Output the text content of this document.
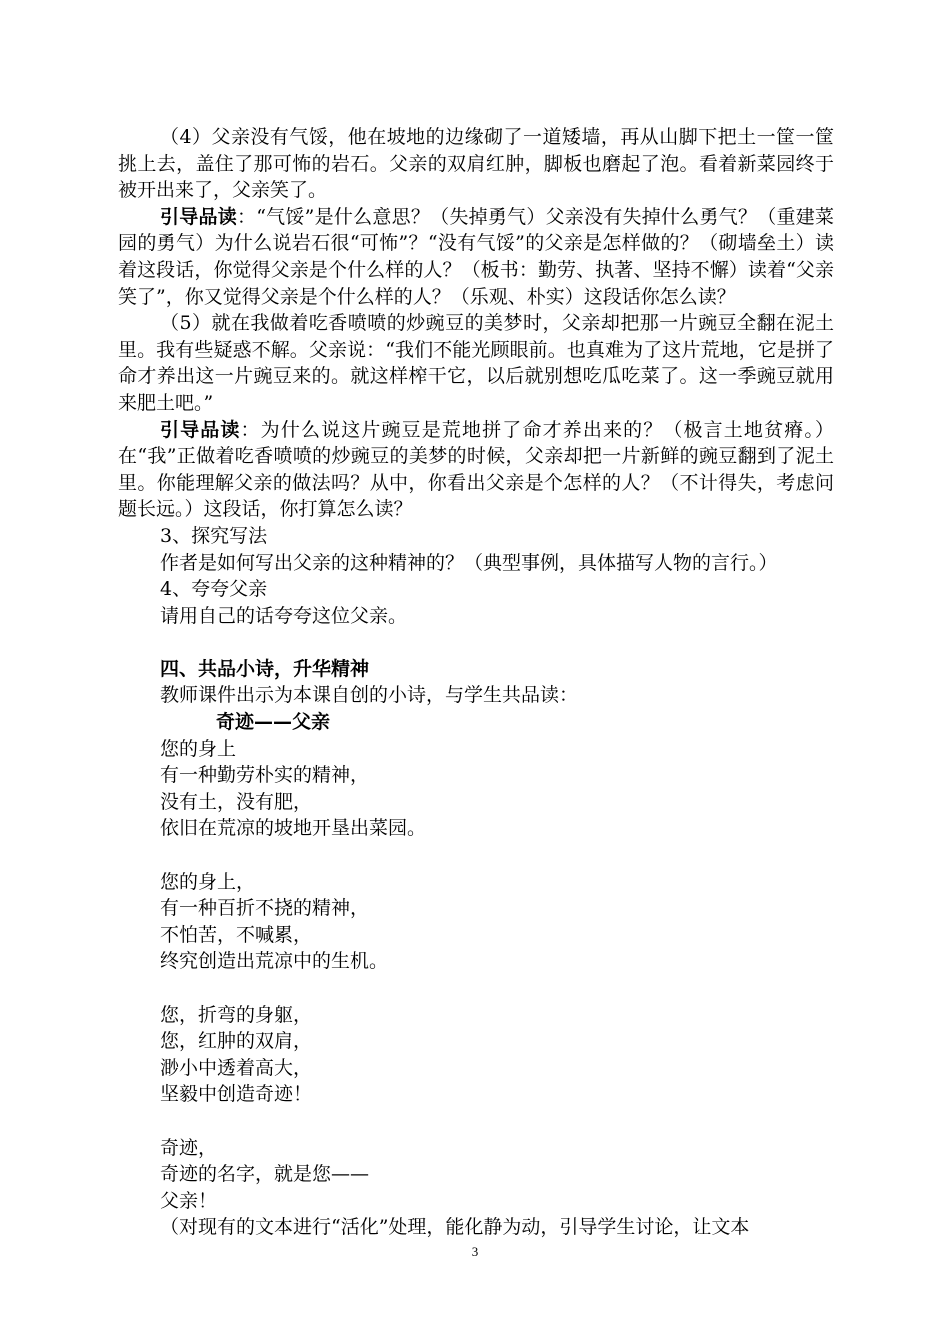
（4）父亲没有气馁，他在坡地的边缘砌了一道矮墙，再从山脚下把土一筐一筐挑上去，盖住了那可怖的岩石。父亲的双肩红肿，脚板也磨起了泡。看着新菜园终于被开出来了，父亲笑了。

引导品读：“气馁”是什么意思？（失掉勇气）父亲没有失掉什么勇气？（重建菜园的勇气）为什么说岩石很“可怖”？“没有气馁”的父亲是怎样做的？（砌墙垒土）读着这段话，你觉得父亲是个什么样的人？（板书：勤劳、执著、坚持不懈）读着“父亲笑了”，你又觉得父亲是个什么样的人？（乐观、朴实）这段话你怎么读？

（5）就在我做着吃香喷喷的炒豌豆的美梦时，父亲却把那一片豌豆全翻在泥土里。我有些疑惑不解。父亲说：“我们不能光顾眼前。也真难为了这片荒地，它是拼了命才养出这一片豌豆来的。就这样榨干它，以后就别想吃瓜吃菜了。这一季豌豆就用来肥土吧。”

引导品读：为什么说这片豌豆是荒地拼了命才养出来的？（极言土地贫瘠。）在“我”正做着吃香喷喷的炒豌豆的美梦的时候，父亲却把一片新鲜的豌豆翻到了泥土里。你能理解父亲的做法吗？从中，你看出父亲是个怎样的人？（不计得失，考虑问题长远。）这段话，你打算怎么读？

3、探究写法

作者是如何写出父亲的这种精神的？（典型事例，具体描写人物的言行。）

4、夸夸父亲

请用自己的话夸夸这位父亲。

四、共品小诗，升华精神

教师课件出示为本课自创的小诗，与学生共品读：

奇迹——父亲

您的身上

有一种勤劳朴实的精神，

没有土，没有肥，

依旧在荒凉的坡地开垦出菜园。

您的身上，

有一种百折不挠的精神，

不怕苦，不喊累，

终究创造出荒凉中的生机。

您，折弯的身躯，

您，红肿的双肩，

渺小中透着高大，

坚毅中创造奇迹！

奇迹，

奇迹的名字，就是您——

父亲！

（对现有的文本进行“活化”处理，能化静为动，引导学生讨论，让文本

3
